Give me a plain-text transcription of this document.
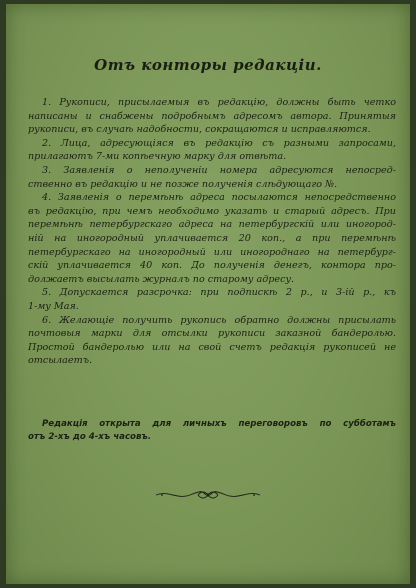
Отъ конторы редакціи.

1. Рукописи, присылаемыя въ редакцію, должны быть четко
написаны и снабжены подробнымъ адресомъ автора. Принятыя
рукописи, въ случаѣ надобности, сокращаются и исправляются.

2. Лица, адресующіяся въ редакцію съ разными запросами,
прилагаютъ 7-ми копѣечную марку для отвѣта.

3. Заявленія о неполученіи номера адресуются непосред-
ственно въ редакцію и не позже полученія слѣдующаго №.

4. Заявленія о перемѣнѣ адреса посылаются непосредственно
въ редакцію, при чемъ необходимо указать и старый адресъ. При
перемѣнѣ петербургскаго адреса на петербургскій или иногород-
ній на иногородный уплачивается 20 коп., а при перемѣнѣ
петербургскаго на иногородный или иногороднаго на петербург-
скій уплачивается 40 коп. До полученія денегъ, контора про-
должаетъ высылать журналъ по старому адресу.

5. Допускается разсрочка: при подпискѣ 2 р., и 3-ій р., къ
1-му Мая.

6. Желающіе получить рукопись обратно должны присылать
почтовыя марки для отсылки рукописи заказной бандеролью.
Простой бандеролью или на свой счетъ редакція рукописей не
отсылаетъ.

Редакція открыта для личныхъ переговоровъ по субботамъ
отъ 2-хъ до 4-хъ часовъ.
